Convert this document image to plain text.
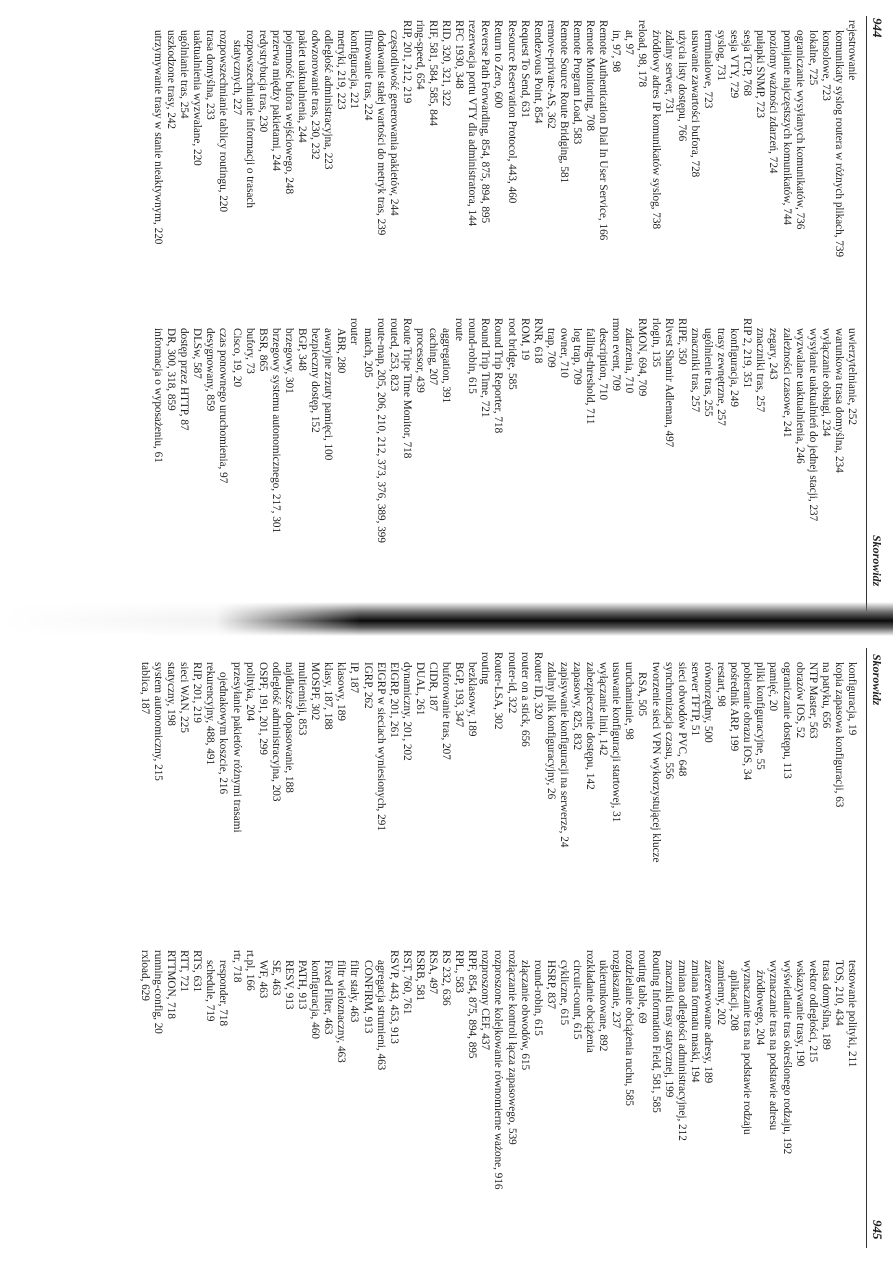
944
Skorowidz
rejestrowanie
komunikaty syslog routera w różnych plikach, 739
konsolowe, 723
lokalne, 725
ograniczanie wysyłanych komunikatów, 736
pomijanie najczęstszych komunikatów, 744
poziomy ważności zdarzeń, 724
pułapki SNMP, 723
sesja TCP, 768
sesja VTY, 729
syslog, 731
terminalowe, 723
usuwanie zawartości bufora, 728
użycia listy dostępu, 766
zdalny serwer, 731
źródłowy adres IP komunikatów syslog, 738
reload, 98, 178
at, 97
in, 97, 98
Remote Authentication Dial In User Service, 166
Remote Monitoring, 708
Remote Program Load, 583
Remote Source Route Bridging, 581
remove-private-AS, 362
Rendezvous Point, 854
Request To Send, 631
Resource Reservation Protocol, 443, 460
Return to Zero, 600
Reverse Path Forwarding, 854, 875, 894, 895
rezerwacja portu VTY dla administratora, 144
RFC 1930, 348
RID, 320, 321, 322
RIF, 581, 584, 585, 844
ring-speed, 654
RIP, 201, 212, 219
częstotliwość generowania pakietów, 244
dodawanie stałej wartości do metryk tras, 239
filtrowanie tras, 224
konfiguracja, 221
metryki, 219, 223
odległość administracyjna, 223
odwzorowanie tras, 230, 232
pakiet uaktualnienia, 244
pojemność bufora wejściowego, 248
przerwa między pakietami, 244
redystrybucja tras, 230
rozpowszechnianie informacji o trasach
statycznych, 227
rozpowszechnianie tablicy routingu, 220
trasa domyślna, 233
uaktualnienia wyzwalane, 220
ugólnianie tras, 254
uszkodzone trasy, 242
utrzymywanie trasy w stanie nieaktywnym, 220
uwierzytelnianie, 252
warunkowa trasa domyślna, 234
wyłączanie obsługi, 234
wysyłanie uaktualnień do jednej stacji, 237
wyzwalane uaktualnienia, 246
zależności czasowe, 241
zegary, 243
znaczniki tras, 257
RIP 2, 219, 351
konfiguracja, 249
trasy zewnętrzne, 257
ugólnienie tras, 255
znaczniki tras, 257
RIPE, 350
Rivest Shamir Adleman, 497
rlogin, 135
RMON, 694, 709
zdarzenia, 710
rmon event, 709
description, 710
falling-threshold, 711
log trap, 709
owner, 710
trap, 709
RNR, 618
ROM, 19
root bridge, 585
Round Trip Reporter, 718
Round Trip Time, 721
round-robin, 615
route
aggregation, 391
caching, 207
processor, 439
Route Tripe Time Monitor, 718
routed, 253, 823
route-map, 205, 206, 210, 212, 373, 376, 389, 399
match, 205
router
ABR, 280
awaryjne zrzuty pamięci, 100
bezpieczny dostęp, 152
BGP, 348
brzegowy, 301
brzegowy systemu autonomicznego, 217, 301
BSR, 865
bufory, 73
Cisco, 19, 20
czas ponownego uruchomienia, 97
desygnowany, 859
DLSw, 587
dostęp przez HTTP, 87
DR, 300, 318, 859
informacja o wyposażeniu, 61
Skorowidz
945
konfiguracja, 19
kopia zapasowa konfiguracji, 63
na patyku, 656
NTP Master, 563
obrazów IOS, 52
ograniczanie dostępu, 113
pamięć, 20
pliki konfiguracyjne, 55
pobieranie obrazu IOS, 34
pośrednik ARP, 199
restart, 98
równorzędny, 500
serwer TFTP, 51
sieci obwodów PVC, 648
synchronizacja czasu, 556
tworzenie sieci VPN wykorzystującej klucze
RSA, 505
uruchamianie, 98
usuwanie konfiguracji startowej, 31
wyłączanie linii, 142
zabezpieczenie dostępu, 142
zapasowy, 825, 832
zapisywanie konfiguracji na serwerze, 24
zdalny plik konfiguracyjny, 26
Router ID, 320
router on a stick, 656
router-id, 322
Router-LSA, 302
routing
bezklasowy, 189
BGP, 193, 347
buforowanie tras, 207
CIDR, 187
DUAL, 261
dynamiczny, 201, 202
EIGRP, 201, 261
EIGRP w sieciach wyniesionych, 291
IGRP, 262
IP, 187
klasowy, 189
klasy, 187, 188
MOSPF, 302
multiemisji, 853
najdłuższe dopasowanie, 188
odległość administracyjna, 203
OSPF, 191, 201, 299
polityka, 204
przesyłanie pakietów różnymi trasami
ojednakowym koszcie, 216
rekurencyjny, 488, 491
RIP, 201, 219
sieci WAN, 225
statyczny, 198
system autonomiczny, 215
tablica, 187
testowanie polityki, 211
TOS, 210, 434
trasa domyślna, 189
wektor odległości, 215
wskazywanie trasy, 190
wyświetlanie tras określonego rodzaju, 192
wyznaczanie tras na podstawie adresu
źródłowego, 204
wyznaczanie tras na podstawie rodzaju
aplikacji, 208
zamienny, 202
zarezerwowane adresy, 189
zmiana formatu maski, 194
zmiana odległości administracyjnej, 212
znaczniki trasy statycznej, 199
Routing Information Field, 581, 585
routing table, 69
rozdzielanie obciążenia ruchu, 585
rozgłaszanie, 237
ukierunkowane, 892
rozkładanie obciążenia
circuit-count, 615
cykliczne, 615
HSRP, 837
round-robin, 615
złączanie obwodów, 615
rozłączanie kontroli łącza zapasowego, 539
rozproszone kolejkowanie równomierne ważone, 916
rozproszony CEF, 437
RPF, 854, 875, 894, 895
RPL, 583
RS 232, 636
RSA, 497
RSRB, 581
RST, 760, 761
RSVP, 443, 453, 913
agregacja strumieni, 463
CONFIRM, 913
filtr stały, 463
filtr wieloznaczny, 463
Fixed Filter, 463
konfiguracja, 460
PATH, 913
RESV, 913
SE, 463
WF, 463
rt.pl, 166
rtr, 718
responder, 718
schedule, 719
RTS, 631
RTT, 721
RTTMON, 718
running-config, 20
rxload, 629
